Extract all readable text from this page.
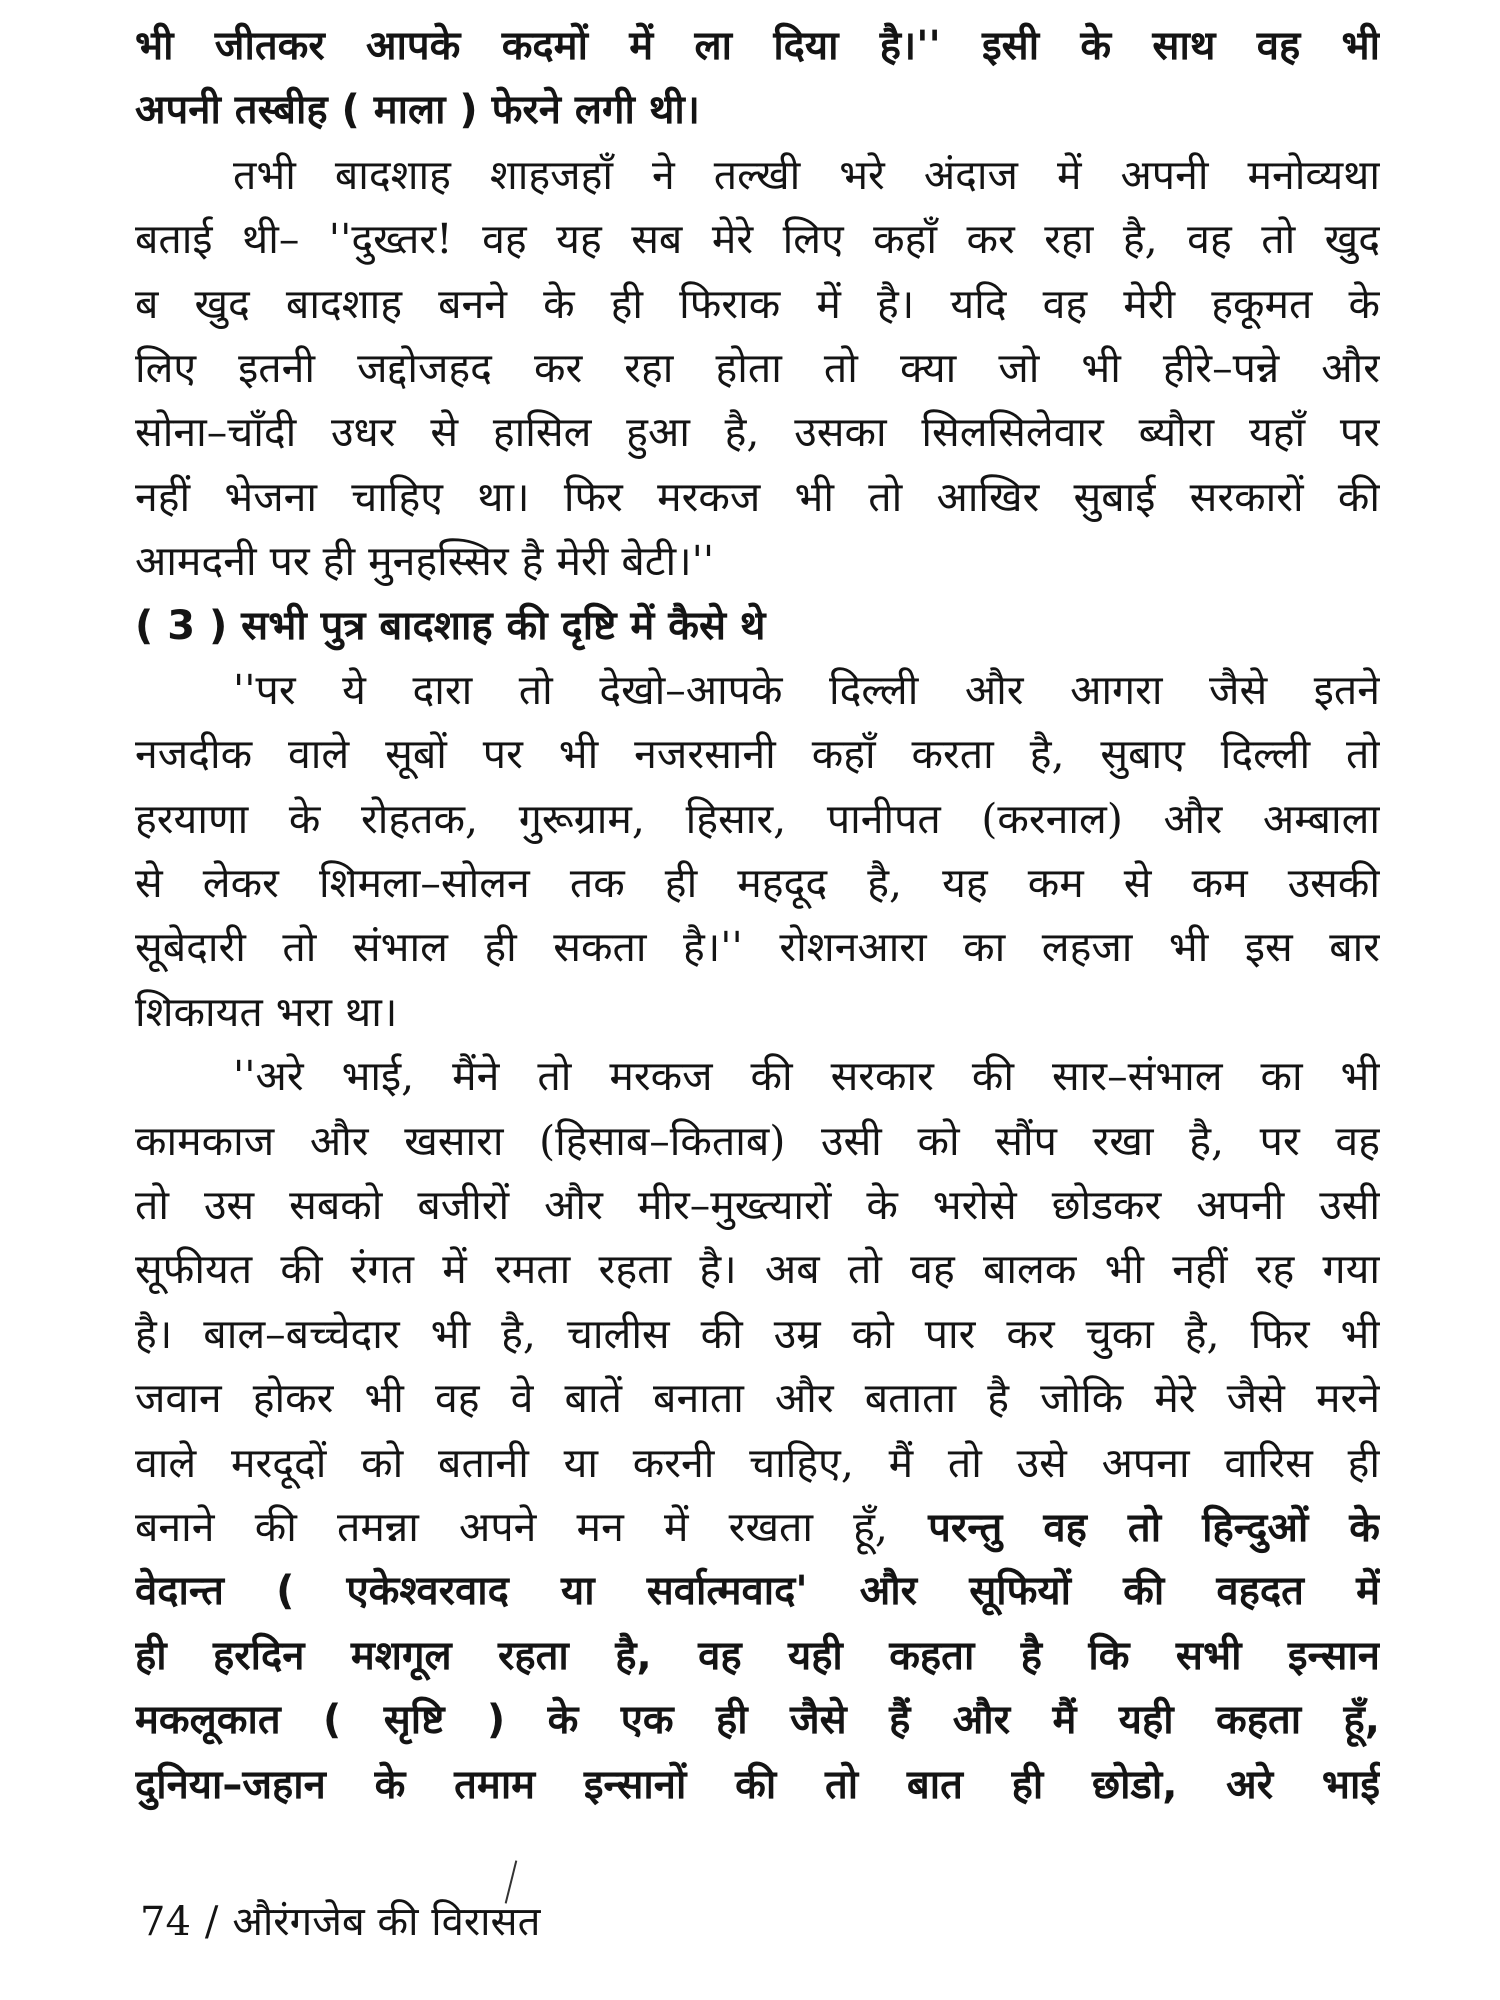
भी जीतकर आपके कदमों में ला दिया है।'' इसी के साथ वह भी
अपनी तस्बीह ( माला ) फेरने लगी थी।
तभी बादशाह शाहजहाँ ने तल्खी भरे अंदाज में अपनी मनोव्यथा
बताई थी– ''दुख्तर! वह यह सब मेरे लिए कहाँ कर रहा है, वह तो खुद
ब खुद बादशाह बनने के ही फिराक में है। यदि वह मेरी हकूमत के
लिए इतनी जद्दोजहद कर रहा होता तो क्या जो भी हीरे–पन्ने और
सोना–चाँदी उधर से हासिल हुआ है, उसका सिलसिलेवार ब्यौरा यहाँ पर
नहीं भेजना चाहिए था। फिर मरकज भी तो आखिर सुबाई सरकारों की
आमदनी पर ही मुनहस्सिर है मेरी बेटी।''
( 3 ) सभी पुत्र बादशाह की दृष्टि में कैसे थे
''पर ये दारा तो देखो–आपके दिल्ली और आगरा जैसे इतने
नजदीक वाले सूबों पर भी नजरसानी कहाँ करता है, सुबाए दिल्ली तो
हरयाणा के रोहतक, गुरूग्राम, हिसार, पानीपत (करनाल) और अम्बाला
से लेकर शिमला–सोलन तक ही महदूद है, यह कम से कम उसकी
सूबेदारी तो संभाल ही सकता है।'' रोशनआरा का लहजा भी इस बार
शिकायत भरा था।
''अरे भाई, मैंने तो मरकज की सरकार की सार–संभाल का भी
कामकाज और खसारा (हिसाब–किताब) उसी को सौंप रखा है, पर वह
तो उस सबको बजीरों और मीर–मुख्त्यारों के भरोसे छोडकर अपनी उसी
सूफीयत की रंगत में रमता रहता है। अब तो वह बालक भी नहीं रह गया
है। बाल–बच्चेदार भी है, चालीस की उम्र को पार कर चुका है, फिर भी
जवान होकर भी वह वे बातें बनाता और बताता है जोकि मेरे जैसे मरने
वाले मरदूदों को बतानी या करनी चाहिए, मैं तो उसे अपना वारिस ही
बनाने की तमन्ना अपने मन में रखता हूँ, परन्तु वह तो हिन्दुओं के
वेदान्त ( एकेश्वरवाद या सर्वात्मवाद' और सूफियों की वहदत में
ही हरदिन मशगूल रहता है, वह यही कहता है कि सभी इन्सान
मकलूकात ( सृष्टि ) के एक ही जैसे हैं और मैं यही कहता हूँ,
दुनिया–जहान के तमाम इन्सानों की तो बात ही छोडो, अरे भाई
74 / औरंगजेब की विरासत
